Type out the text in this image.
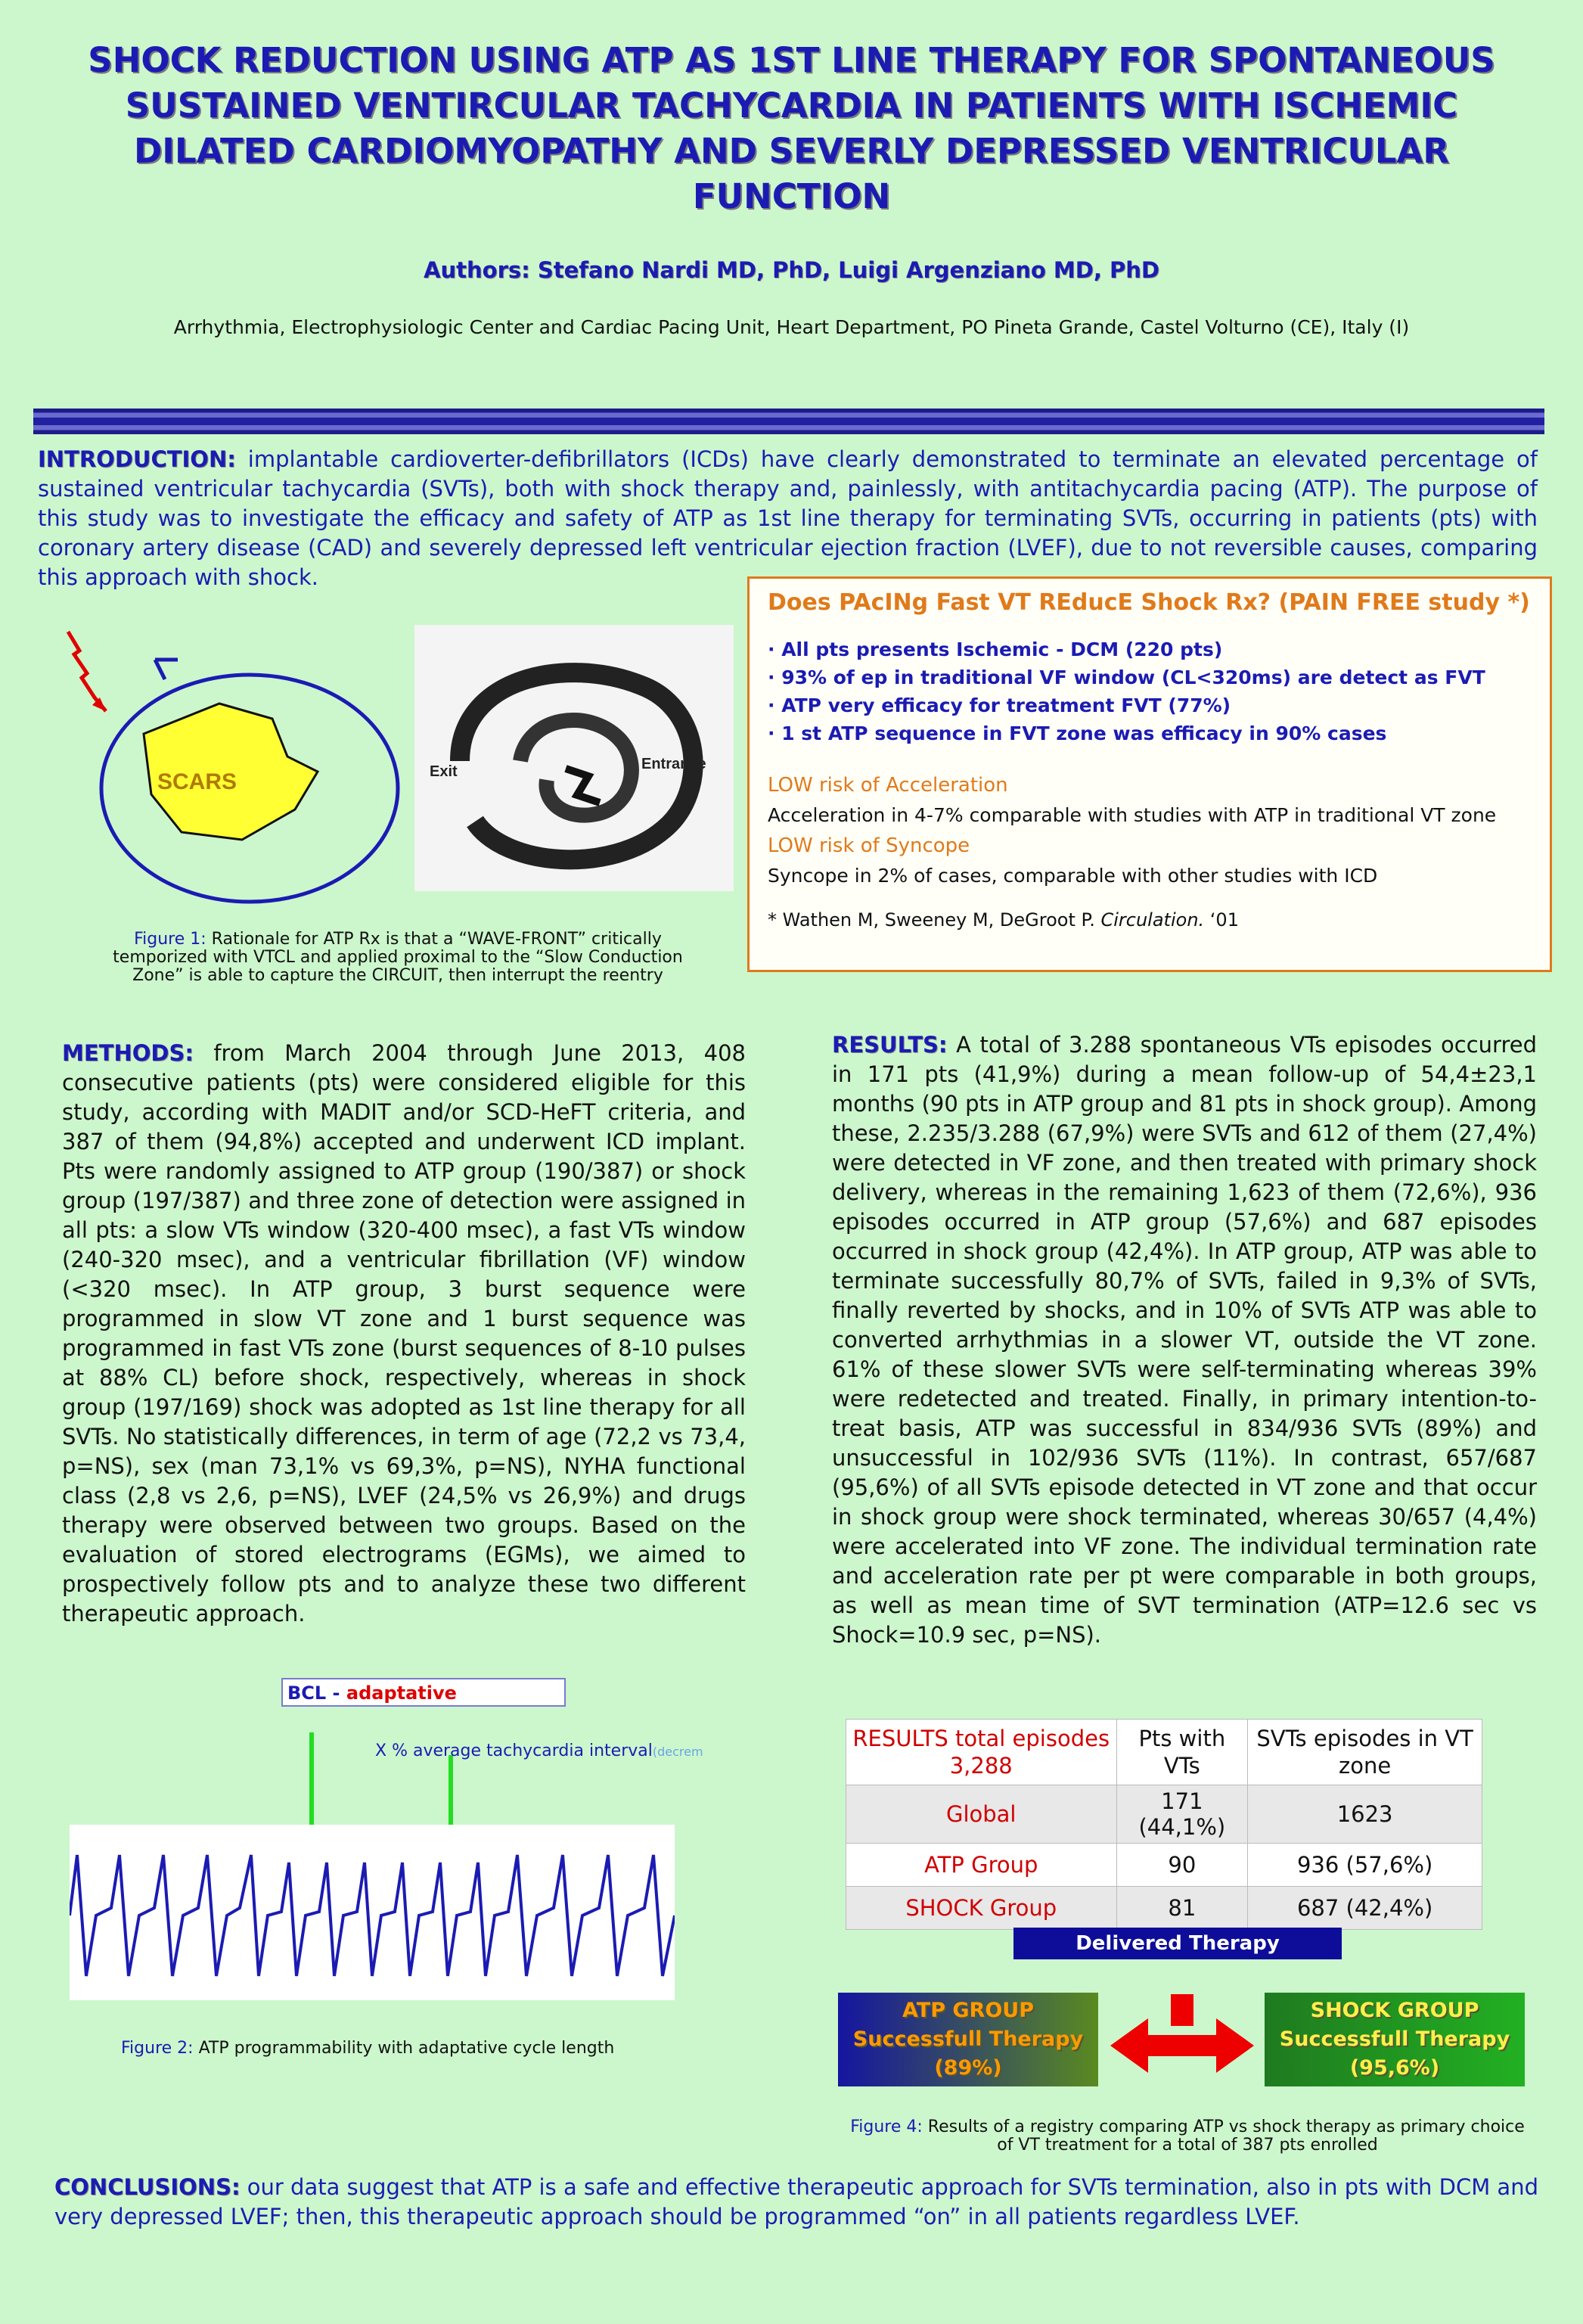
SHOCK REDUCTION USING ATP AS 1ST LINE THERAPY FOR SPONTANEOUS SUSTAINED VENTIRCULAR TACHYCARDIA IN PATIENTS WITH ISCHEMIC DILATED CARDIOMYOPATHY AND SEVERLY DEPRESSED VENTRICULAR FUNCTION
Authors: Stefano Nardi MD, PhD, Luigi Argenziano MD, PhD
Arrhythmia, Electrophysiologic Center and Cardiac Pacing Unit, Heart Department, PO Pineta Grande, Castel Volturno (CE), Italy (I)
INTRODUCTION: implantable cardioverter-defibrillators (ICDs) have clearly demonstrated to terminate an elevated percentage of sustained ventricular tachycardia (SVTs), both with shock therapy and, painlessly, with antitachycardia pacing (ATP). The purpose of this study was to investigate the efficacy and safety of ATP as 1st line therapy for terminating SVTs, occurring in patients (pts) with coronary artery disease (CAD) and severely depressed left ventricular ejection fraction (LVEF), due to not reversible causes, comparing this approach with shock.
SCARS	Exit	Entrance
Figure 1: Rationale for ATP Rx is that a “WAVE-FRONT” critically temporized with VTCL and applied proximal to the “Slow Conduction Zone” is able to capture the CIRCUIT, then interrupt the reentry
Does PAcINg Fast VT REducE Shock Rx? (PAIN FREE study *)
· All pts presents Ischemic - DCM (220 pts)
· 93% of ep in traditional VF window (CL<320ms) are detect as FVT
· ATP very efficacy for treatment FVT (77%)
· 1 st ATP sequence in FVT zone was efficacy in 90% cases
LOW risk of Acceleration
Acceleration in 4-7% comparable with studies with ATP in traditional VT zone
LOW risk of Syncope
Syncope in 2% of cases, comparable with other studies with ICD
* Wathen M, Sweeney M, DeGroot P. Circulation. ‘01
METHODS: from March 2004 through June 2013, 408 consecutive patients (pts) were considered eligible for this study, according with MADIT and/or SCD-HeFT criteria, and 387 of them (94,8%) accepted and underwent ICD implant. Pts were randomly assigned to ATP group (190/387) or shock group (197/387) and three zone of detection were assigned in all pts: a slow VTs window (320-400 msec), a fast VTs window (240-320 msec), and a ventricular fibrillation (VF) window (<320 msec). In ATP group, 3 burst sequence were programmed in slow VT zone and 1 burst sequence was programmed in fast VTs zone (burst sequences of 8-10 pulses at 88% CL) before shock, respectively, whereas in shock group (197/169) shock was adopted as 1st line therapy for all SVTs. No statistically differences, in term of age (72,2 vs 73,4, p=NS), sex (man 73,1% vs 69,3%, p=NS), NYHA functional class (2,8 vs 2,6, p=NS), LVEF (24,5% vs 26,9%) and drugs therapy were observed between two groups. Based on the evaluation of stored electrograms (EGMs), we aimed to prospectively follow pts and to analyze these two different therapeutic approach.
BCL - adaptative
X % average tachycardia interval(decrem
Figure 2: ATP programmability with adaptative cycle length
RESULTS: A total of 3.288 spontaneous VTs episodes occurred in 171 pts (41,9%) during a mean follow-up of 54,4±23,1 months (90 pts in ATP group and 81 pts in shock group). Among these, 2.235/3.288 (67,9%) were SVTs and 612 of them (27,4%) were detected in VF zone, and then treated with primary shock delivery, whereas in the remaining 1,623 of them (72,6%), 936 episodes occurred in ATP group (57,6%) and 687 episodes occurred in shock group (42,4%). In ATP group, ATP was able to terminate successfully 80,7% of SVTs, failed in 9,3% of SVTs, finally reverted by shocks, and in 10% of SVTs ATP was able to converted arrhythmias in a slower VT, outside the VT zone. 61% of these slower SVTs were self-terminating whereas 39% were redetected and treated. Finally, in primary intention-to-treat basis, ATP was successful in 834/936 SVTs (89%) and unsuccessful in 102/936 SVTs (11%). In contrast, 657/687 (95,6%) of all SVTs episode detected in VT zone and that occur in shock group were shock terminated, whereas 30/657 (4,4%) were accelerated into VF zone. The individual termination rate and acceleration rate per pt were comparable in both groups, as well as mean time of SVT termination (ATP=12.6 sec vs Shock=10.9 sec, p=NS).
RESULTS total episodes 3,288	Pts with VTs	SVTs episodes in VT zone
Global	171 (44,1%)	1623
ATP Group	90	936 (57,6%)
SHOCK Group	81	687 (42,4%)
Delivered Therapy
ATP GROUP
Successfull Therapy
(89%)
SHOCK GROUP
Successfull Therapy
(95,6%)
Figure 4: Results of a registry comparing ATP vs shock therapy as primary choice of VT treatment for a total of 387 pts enrolled
CONCLUSIONS: our data suggest that ATP is a safe and effective therapeutic approach for SVTs termination, also in pts with DCM and very depressed LVEF; then, this therapeutic approach should be programmed “on” in all patients regardless LVEF.
